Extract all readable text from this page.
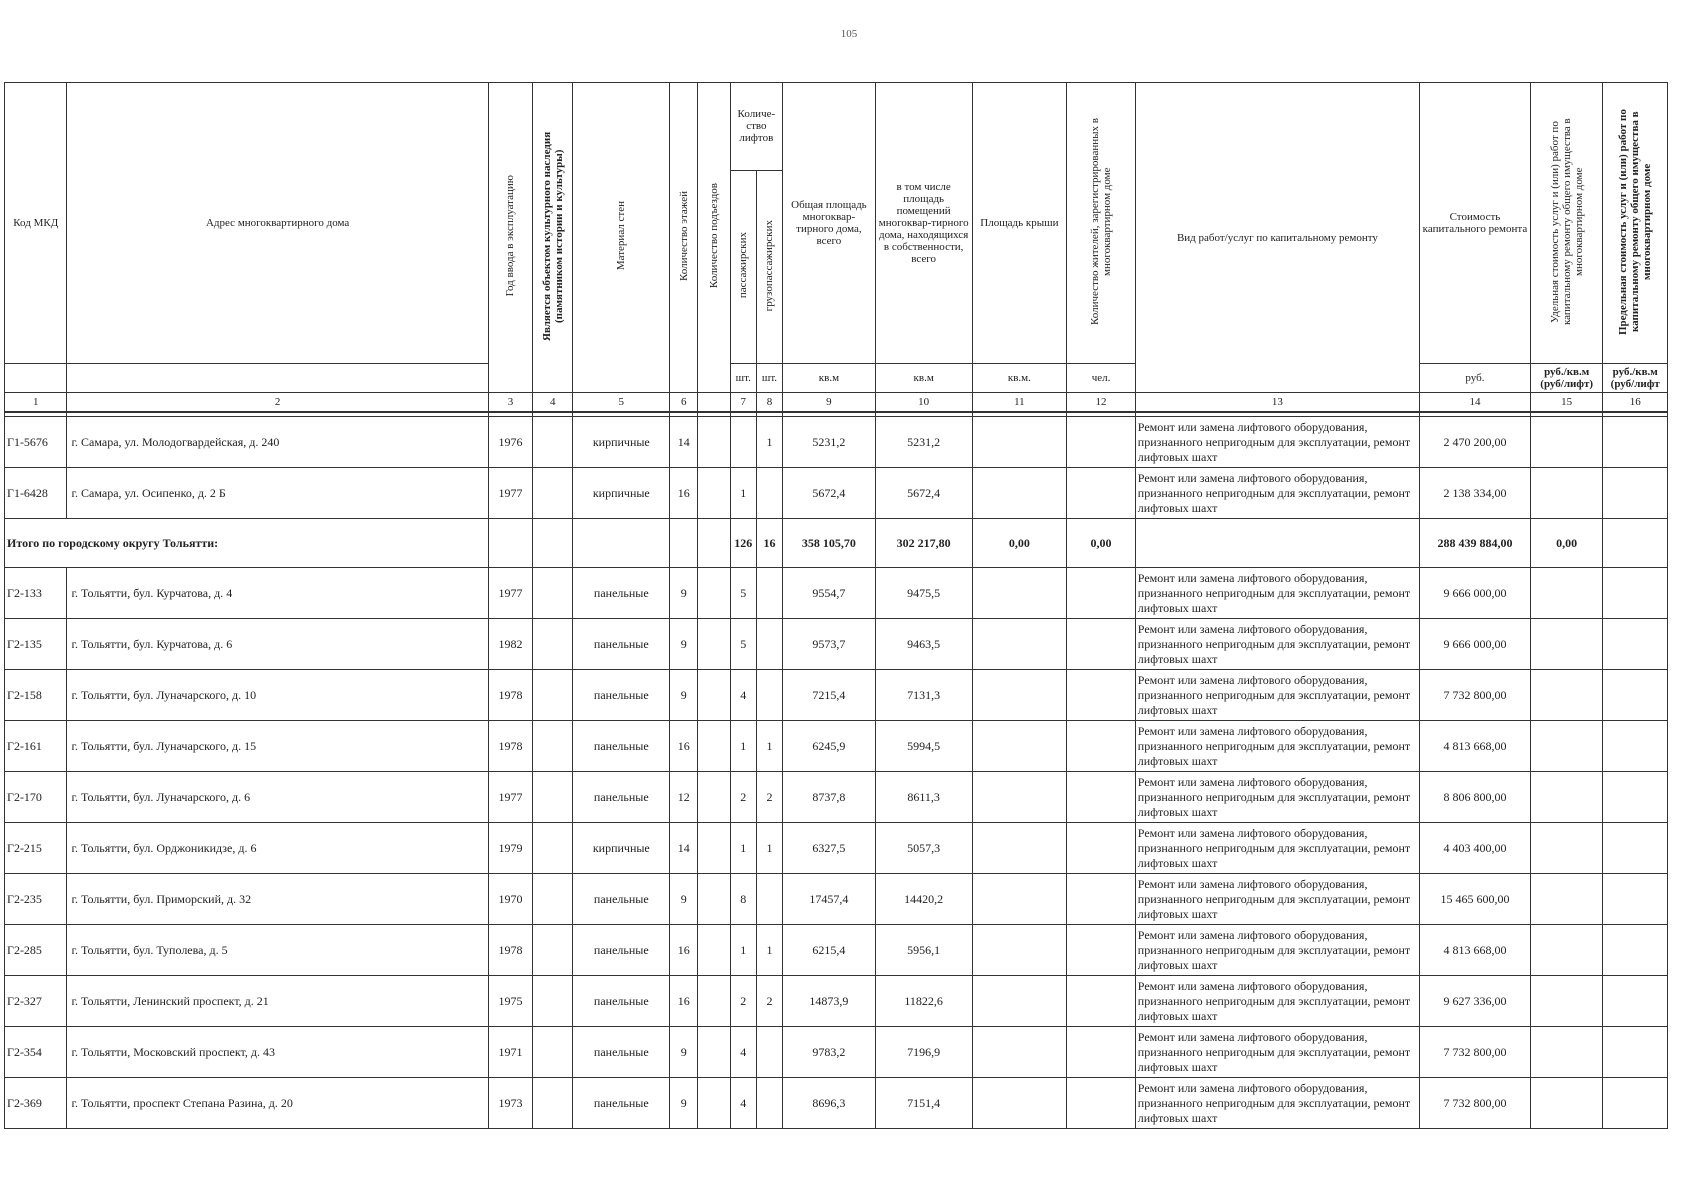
105
Код МКД	Адрес многоквартирного дома	Год ввода в эксплуатацию	Является объектом культурного наследия (памятником истории и культуры)	Материал стен	Количество этажей	Количество подъездов	Количе-ство лифтов		Общая площадь многоквар-тирного дома, всего	в том числе площадь помещений многоквар-тирного дома, находящихся в собственности, всего	Площадь крыши	Количество жителей, зарегистрированных в многоквартирном доме	Вид работ/услуг по капитальному ремонту	Стоимость капитального ремонта	Удельная стоимость услуг и (или) работ по капитальному ремонту общего имущества в многоквартирном доме	Предельная стоимость услуг и (или) работ по капитальному ремонту общего имущества в многоквартирном доме
							пассажирских	грузопассажирских								
							шт.	шт.	кв.м	кв.м	кв.м.	чел.		руб.	руб./кв.м (руб/лифт)	руб./кв.м (руб/лифт
1	2	3	4	5	6		7	8	9	10	11	12	13	14	15	16

Г1-5676	г. Самара, ул. Молодогвардейская, д. 240	1976		кирпичные	14			1	5231,2	5231,2			Ремонт или замена лифтового оборудования, признанного непригодным для эксплуатации, ремонт лифтовых шахт	2 470 200,00		
Г1-6428	г. Самара, ул. Осипенко, д. 2 Б	1977		кирпичные	16		1		5672,4	5672,4			Ремонт или замена лифтового оборудования, признанного непригодным для эксплуатации, ремонт лифтовых шахт	2 138 334,00		
Итого по городскому округу Тольятти:							126	16	358 105,70	302 217,80	0,00	0,00		288 439 884,00	0,00	
Г2-133	г. Тольятти, бул. Курчатова, д. 4	1977		панельные	9		5		9554,7	9475,5			Ремонт или замена лифтового оборудования, признанного непригодным для эксплуатации, ремонт лифтовых шахт	9 666 000,00		
Г2-135	г. Тольятти, бул. Курчатова, д. 6	1982		панельные	9		5		9573,7	9463,5			Ремонт или замена лифтового оборудования, признанного непригодным для эксплуатации, ремонт лифтовых шахт	9 666 000,00		
Г2-158	г. Тольятти, бул. Луначарского, д. 10	1978		панельные	9		4		7215,4	7131,3			Ремонт или замена лифтового оборудования, признанного непригодным для эксплуатации, ремонт лифтовых шахт	7 732 800,00		
Г2-161	г. Тольятти, бул. Луначарского, д. 15	1978		панельные	16		1	1	6245,9	5994,5			Ремонт или замена лифтового оборудования, признанного непригодным для эксплуатации, ремонт лифтовых шахт	4 813 668,00		
Г2-170	г. Тольятти, бул. Луначарского, д. 6	1977		панельные	12		2	2	8737,8	8611,3			Ремонт или замена лифтового оборудования, признанного непригодным для эксплуатации, ремонт лифтовых шахт	8 806 800,00		
Г2-215	г. Тольятти, бул. Орджоникидзе, д. 6	1979		кирпичные	14		1	1	6327,5	5057,3			Ремонт или замена лифтового оборудования, признанного непригодным для эксплуатации, ремонт лифтовых шахт	4 403 400,00		
Г2-235	г. Тольятти, бул. Приморский, д. 32	1970		панельные	9		8		17457,4	14420,2			Ремонт или замена лифтового оборудования, признанного непригодным для эксплуатации, ремонт лифтовых шахт	15 465 600,00		
Г2-285	г. Тольятти, бул. Туполева, д. 5	1978		панельные	16		1	1	6215,4	5956,1			Ремонт или замена лифтового оборудования, признанного непригодным для эксплуатации, ремонт лифтовых шахт	4 813 668,00		
Г2-327	г. Тольятти, Ленинский проспект, д. 21	1975		панельные	16		2	2	14873,9	11822,6			Ремонт или замена лифтового оборудования, признанного непригодным для эксплуатации, ремонт лифтовых шахт	9 627 336,00		
Г2-354	г. Тольятти, Московский проспект, д. 43	1971		панельные	9		4		9783,2	7196,9			Ремонт или замена лифтового оборудования, признанного непригодным для эксплуатации, ремонт лифтовых шахт	7 732 800,00		
Г2-369	г. Тольятти, проспект Степана Разина, д. 20	1973		панельные	9		4		8696,3	7151,4			Ремонт или замена лифтового оборудования, признанного непригодным для эксплуатации, ремонт лифтовых шахт	7 732 800,00		
